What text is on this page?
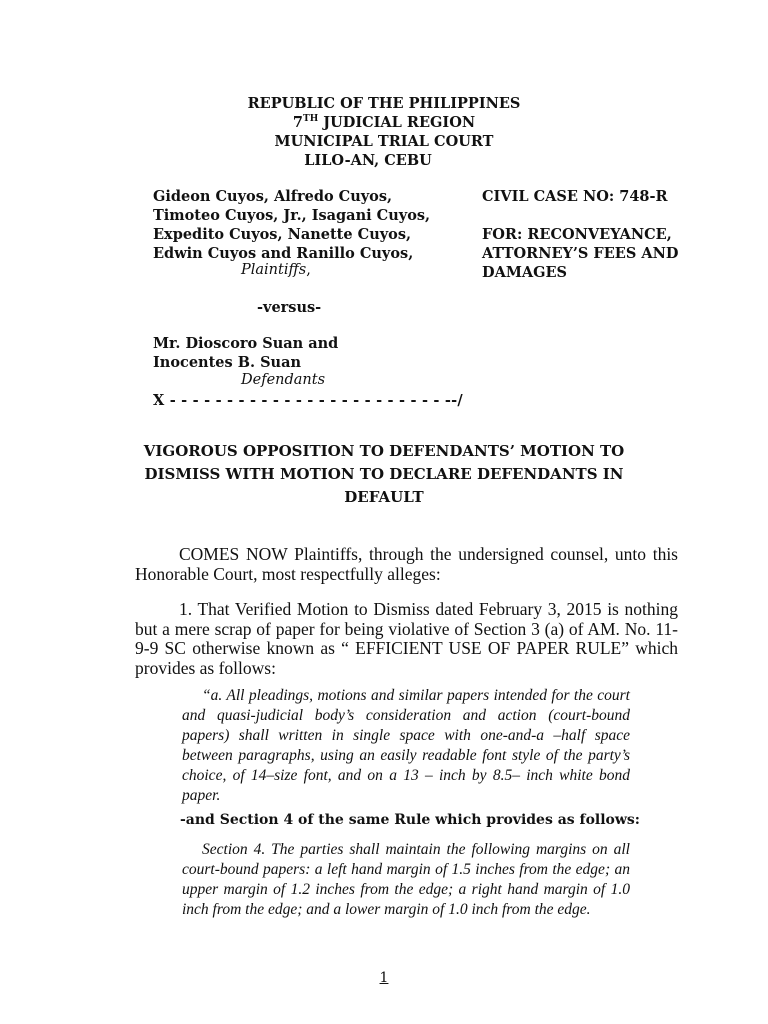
REPUBLIC OF THE PHILIPPINES
7TH JUDICIAL REGION
MUNICIPAL TRIAL COURT
LILO-AN, CEBU
Gideon Cuyos, Alfredo Cuyos,
Timoteo Cuyos, Jr., Isagani Cuyos,
Expedito Cuyos, Nanette Cuyos,
Edwin Cuyos and Ranillo Cuyos,
Plaintiffs,
CIVIL CASE NO: 748-R
FOR: RECONVEYANCE,
ATTORNEY’S FEES AND
DAMAGES
-versus-
Mr. Dioscoro Suan and
Inocentes B. Suan
Defendants
X - - - - - - - - - - - - - - - - - - - - - - - - --/
VIGOROUS OPPOSITION TO DEFENDANTS’ MOTION TO
DISMISS WITH MOTION TO DECLARE DEFENDANTS IN
DEFAULT
COMES NOW Plaintiffs, through the undersigned counsel, unto this Honorable Court, most respectfully alleges:
1. That Verified Motion to Dismiss dated February 3, 2015 is nothing but a mere scrap of paper for being violative of Section 3 (a) of AM. No. 11-9-9 SC otherwise known as “ EFFICIENT USE OF PAPER RULE” which provides as follows:
“a. All pleadings, motions and similar papers intended for the court and quasi-judicial body’s consideration and action (court-bound papers) shall written in single space with one-and-a –half space between paragraphs, using an easily readable font style of the party’s choice, of 14–size font, and on a 13 – inch by 8.5– inch white bond paper.
-and Section 4 of the same Rule which provides as follows:
Section 4. The parties shall maintain the following margins on all court-bound papers: a left hand margin of 1.5 inches from the edge; an upper margin of 1.2 inches from the edge; a right hand margin of 1.0 inch from the edge; and a lower margin of 1.0 inch from the edge.
1
